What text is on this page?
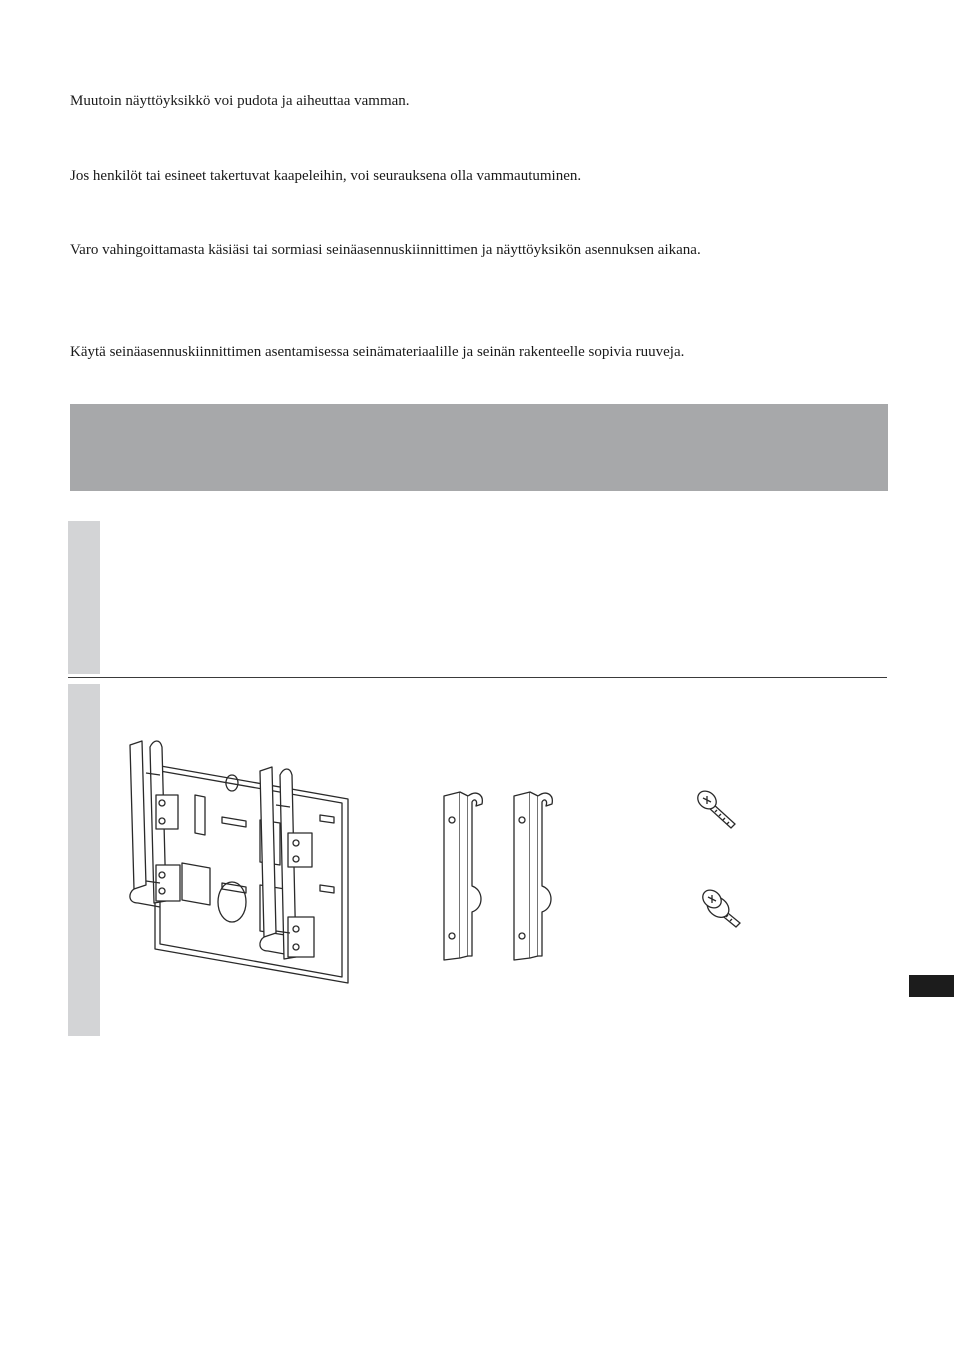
Muutoin näyttöyksikkö voi pudota ja aiheuttaa vamman.
Jos henkilöt tai esineet takertuvat kaapeleihin, voi seurauksena olla vammautuminen.
Varo vahingoittamasta käsiäsi tai sormiasi seinäasennuskiinnittimen ja näyttöyksikön asennuksen aikana.
Käytä seinäasennuskiinnittimen asentamisessa seinämateriaalille ja seinän rakenteelle sopivia ruuveja.
